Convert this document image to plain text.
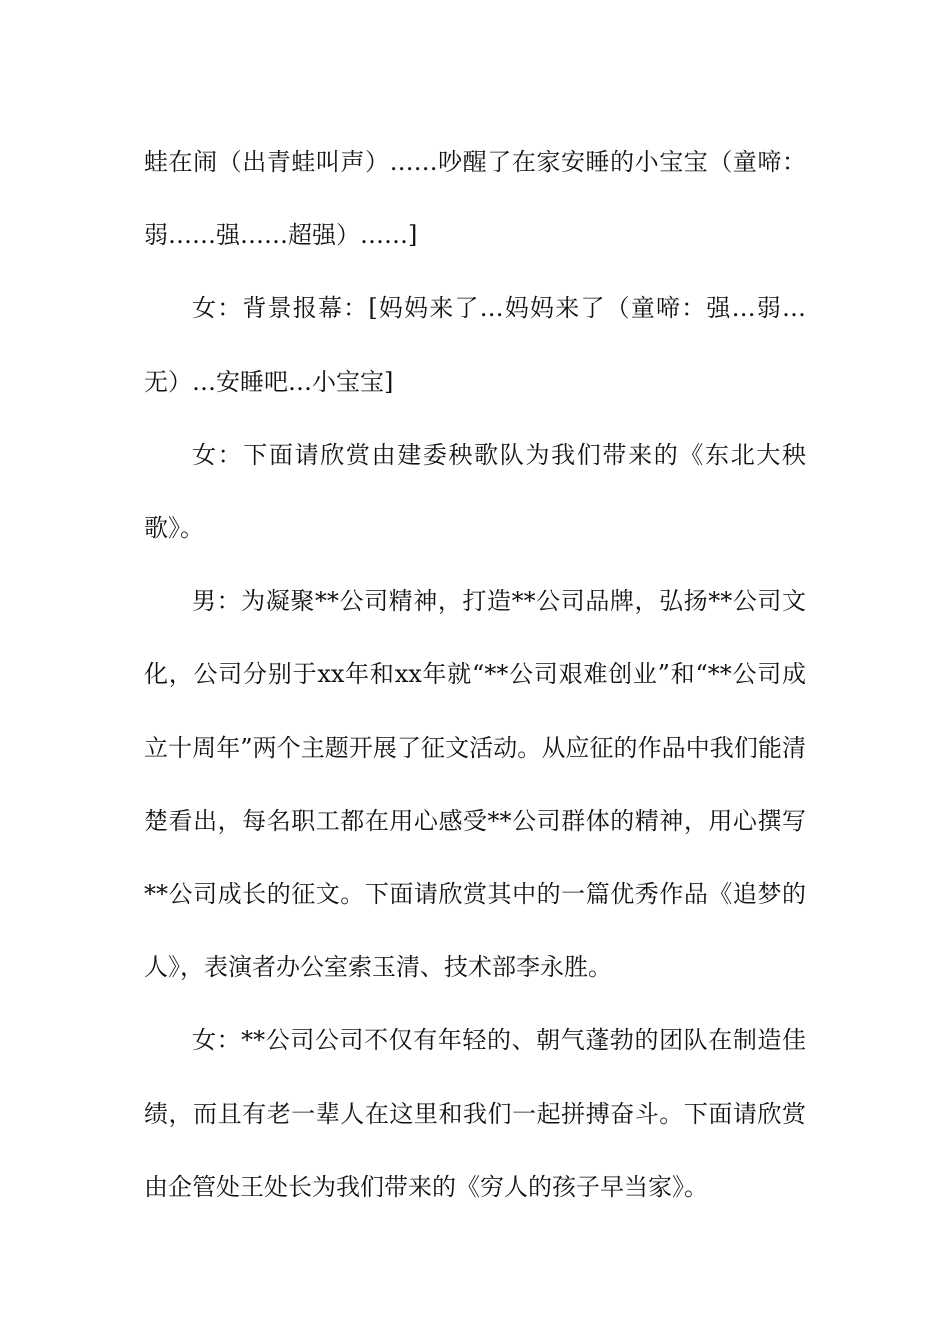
蛙在闹（出青蛙叫声）……吵醒了在家安睡的小宝宝（童啼：弱……强……超强）……]

女：背景报幕：[妈妈来了…妈妈来了（童啼：强…弱…无）…安睡吧…小宝宝]

女：下面请欣赏由建委秧歌队为我们带来的《东北大秧歌》。

男：为凝聚**公司精神，打造**公司品牌，弘扬**公司文化，公司分别于xx年和xx年就“**公司艰难创业”和“**公司成立十周年”两个主题开展了征文活动。从应征的作品中我们能清楚看出，每名职工都在用心感受**公司群体的精神，用心撰写**公司成长的征文。下面请欣赏其中的一篇优秀作品《追梦的人》，表演者办公室索玉清、技术部李永胜。

女：**公司公司不仅有年轻的、朝气蓬勃的团队在制造佳绩，而且有老一辈人在这里和我们一起拼搏奋斗。下面请欣赏由企管处王处长为我们带来的《穷人的孩子早当家》。
